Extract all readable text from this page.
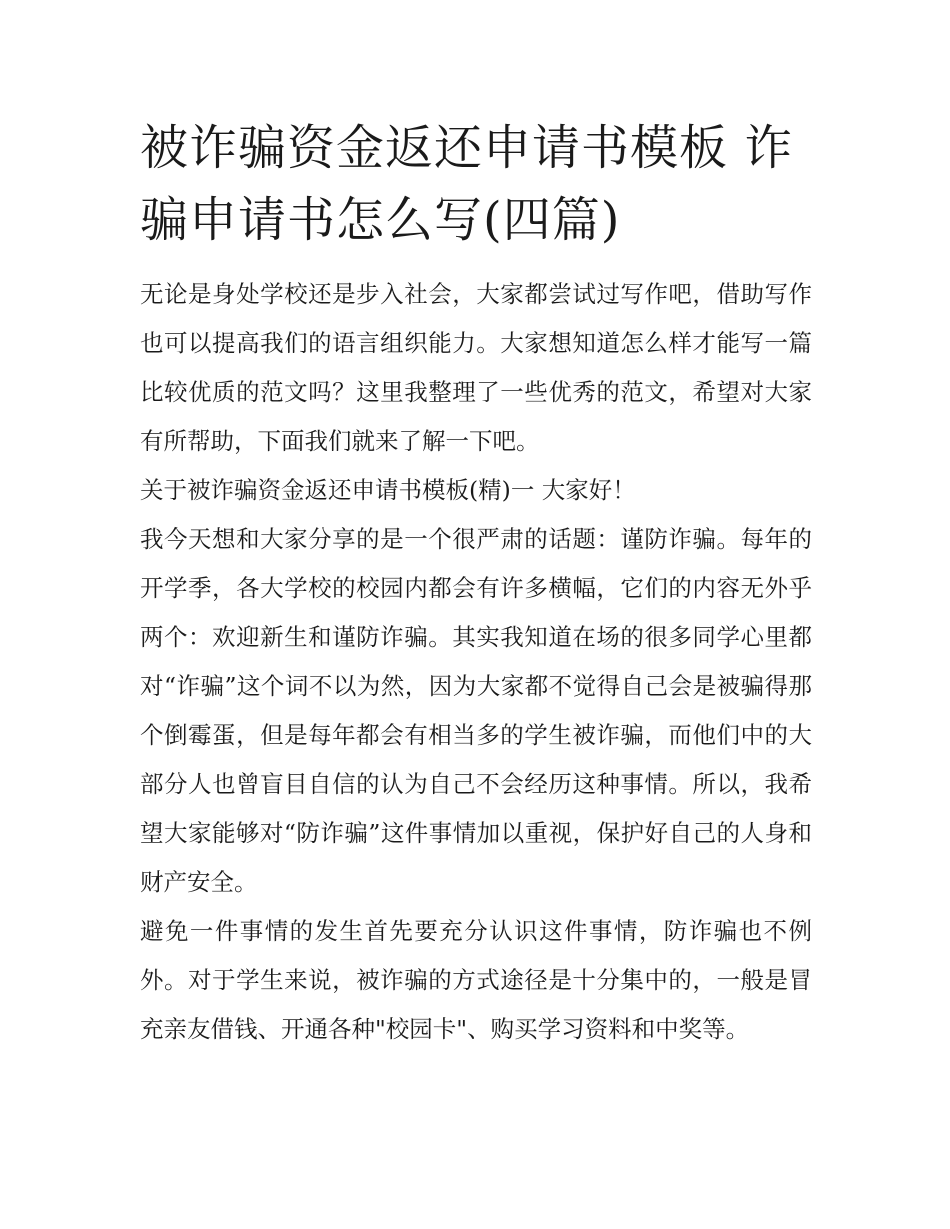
被诈骗资金返还申请书模板 诈骗申请书怎么写(四篇)

无论是身处学校还是步入社会，大家都尝试过写作吧，借助写作也可以提高我们的语言组织能力。大家想知道怎么样才能写一篇比较优质的范文吗？这里我整理了一些优秀的范文，希望对大家有所帮助，下面我们就来了解一下吧。

关于被诈骗资金返还申请书模板(精)一 大家好！

我今天想和大家分享的是一个很严肃的话题：谨防诈骗。每年的开学季，各大学校的校园内都会有许多横幅，它们的内容无外乎两个：欢迎新生和谨防诈骗。其实我知道在场的很多同学心里都对“诈骗”这个词不以为然，因为大家都不觉得自己会是被骗得那个倒霉蛋，但是每年都会有相当多的学生被诈骗，而他们中的大部分人也曾盲目自信的认为自己不会经历这种事情。所以，我希望大家能够对“防诈骗”这件事情加以重视，保护好自己的人身和财产安全。

避免一件事情的发生首先要充分认识这件事情，防诈骗也不例外。对于学生来说，被诈骗的方式途径是十分集中的，一般是冒充亲友借钱、开通各种"校园卡"、购买学习资料和中奖等。
